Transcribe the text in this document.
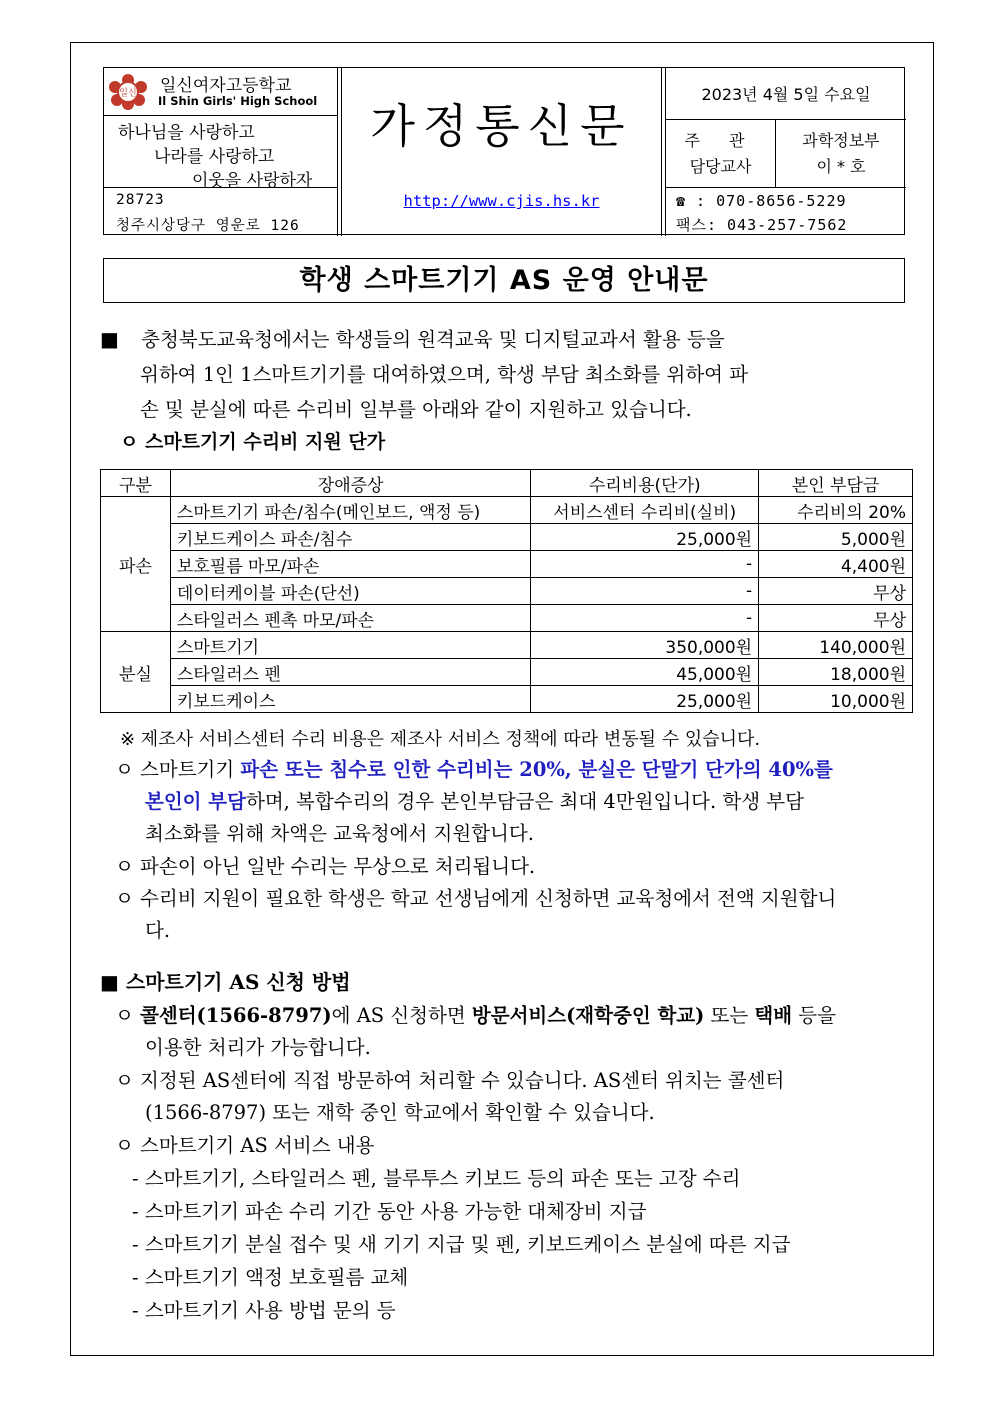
일신 일신여자고등학교
Il Shin Girls' High School
하나님을 사랑하고
나라를 사랑하고
이웃을 사랑하자
28723
청주시상당구 영운로 126
가정통신문
http://www.cjis.hs.kr
2023년 4월 5일 수요일
주 관
담당교사
과학정보부
이 * 호
☎ : 070-8656-5229
팩스: 043-257-7562
학생 스마트기기 AS 운영 안내문
■ 충청북도교육청에서는 학생들의 원격교육 및 디지털교과서 활용 등을
위하여 1인 1스마트기기를 대여하였으며, 학생 부담 최소화를 위하여 파
손 및 분실에 따른 수리비 일부를 아래와 같이 지원하고 있습니다.
ㅇ 스마트기기 수리비 지원 단가
구분	장애증상	수리비용(단가)	본인 부담금
파손	스마트기기 파손/침수(메인보드, 액정 등)	서비스센터 수리비(실비)	수리비의 20%
	키보드케이스 파손/침수	25,000원	5,000원
	보호필름 마모/파손	-	4,400원
	데이터케이블 파손(단선)	-	무상
	스타일러스 펜촉 마모/파손	-	무상
분실	스마트기기	350,000원	140,000원
	스타일러스 펜	45,000원	18,000원
	키보드케이스	25,000원	10,000원
※ 제조사 서비스센터 수리 비용은 제조사 서비스 정책에 따라 변동될 수 있습니다.
ㅇ 스마트기기 파손 또는 침수로 인한 수리비는 20%, 분실은 단말기 단가의 40%를
본인이 부담하며, 복합수리의 경우 본인부담금은 최대 4만원입니다. 학생 부담
최소화를 위해 차액은 교육청에서 지원합니다.
ㅇ 파손이 아닌 일반 수리는 무상으로 처리됩니다.
ㅇ 수리비 지원이 필요한 학생은 학교 선생님에게 신청하면 교육청에서 전액 지원합니
다.
■ 스마트기기 AS 신청 방법
ㅇ 콜센터(1566-8797)에 AS 신청하면 방문서비스(재학중인 학교) 또는 택배 등을
이용한 처리가 가능합니다.
ㅇ 지정된 AS센터에 직접 방문하여 처리할 수 있습니다. AS센터 위치는 콜센터
(1566-8797) 또는 재학 중인 학교에서 확인할 수 있습니다.
ㅇ 스마트기기 AS 서비스 내용
- 스마트기기, 스타일러스 펜, 블루투스 키보드 등의 파손 또는 고장 수리
- 스마트기기 파손 수리 기간 동안 사용 가능한 대체장비 지급
- 스마트기기 분실 접수 및 새 기기 지급 및 펜, 키보드케이스 분실에 따른 지급
- 스마트기기 액정 보호필름 교체
- 스마트기기 사용 방법 문의 등
